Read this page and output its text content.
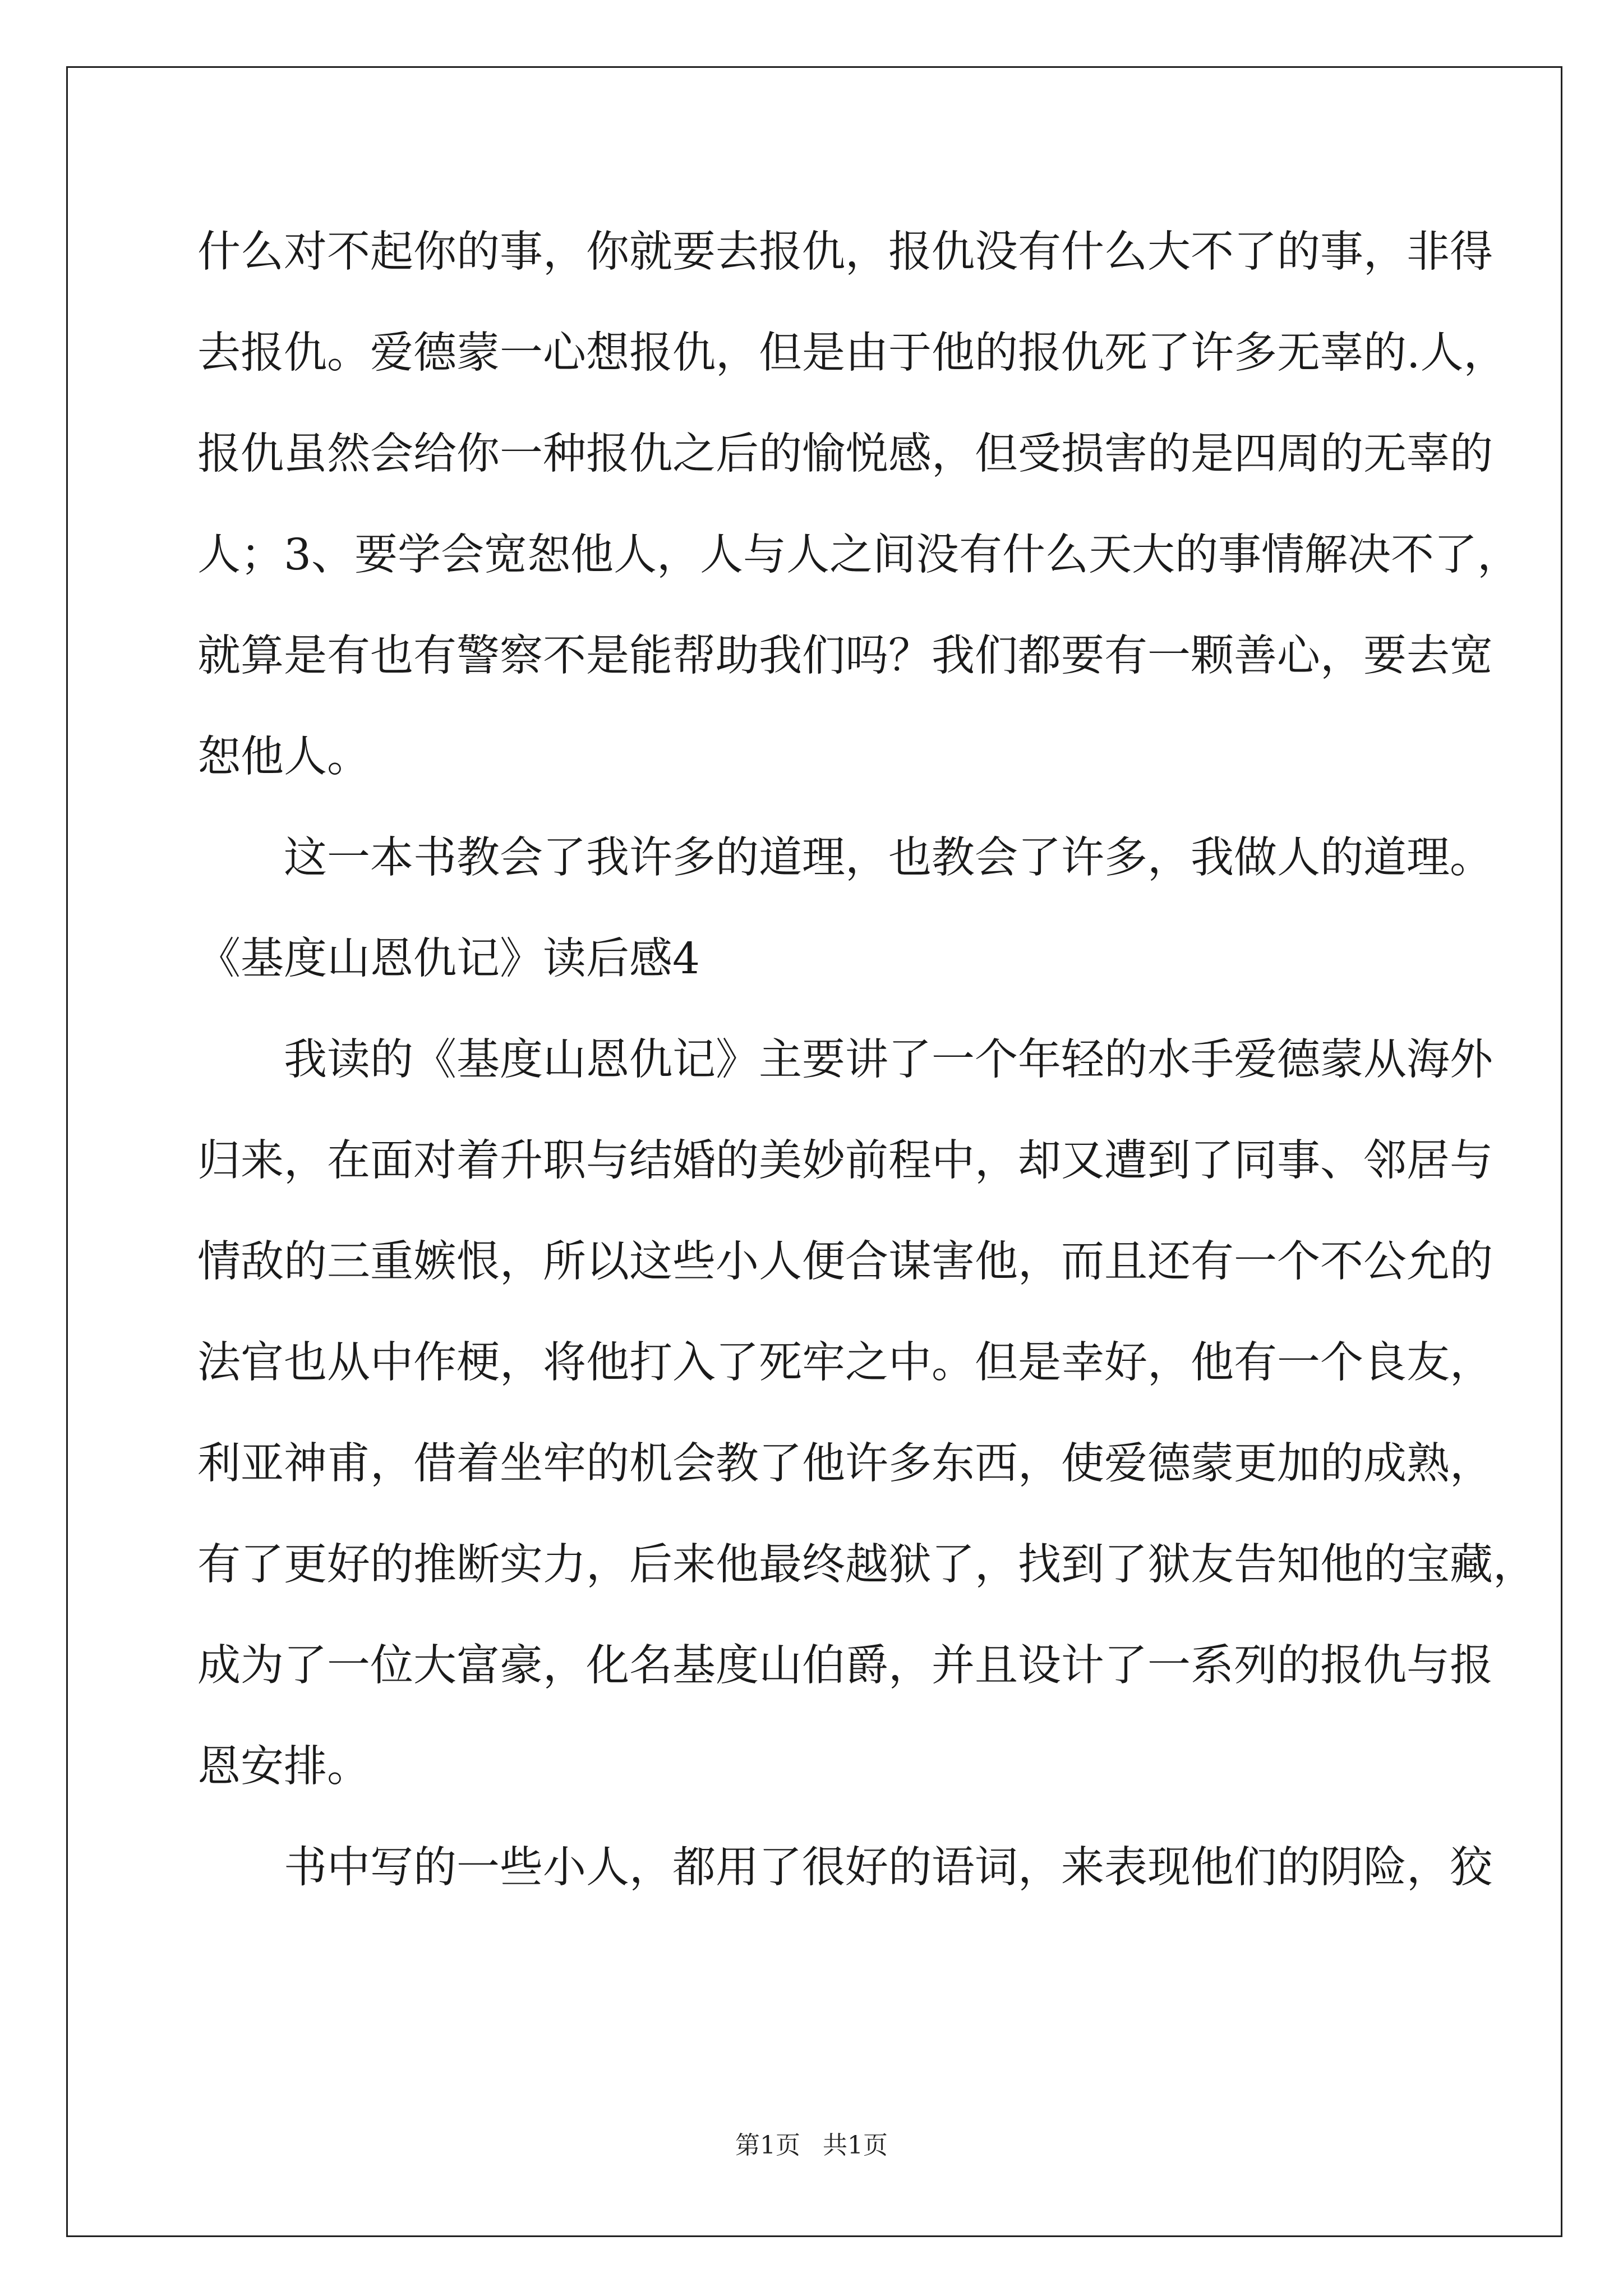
什么对不起你的事，你就要去报仇，报仇没有什么大不了的事，非得
去报仇。爱德蒙一心想报仇，但是由于他的报仇死了许多无辜的.人，
报仇虽然会给你一种报仇之后的愉悦感，但受损害的是四周的无辜的
人；3、要学会宽恕他人，人与人之间没有什么天大的事情解决不了，
就算是有也有警察不是能帮助我们吗？我们都要有一颗善心，要去宽
恕他人。
这一本书教会了我许多的道理，也教会了许多，我做人的道理。
《基度山恩仇记》读后感4
我读的《基度山恩仇记》主要讲了一个年轻的水手爱德蒙从海外
归来，在面对着升职与结婚的美妙前程中，却又遭到了同事、邻居与
情敌的三重嫉恨，所以这些小人便合谋害他，而且还有一个不公允的
法官也从中作梗，将他打入了死牢之中。但是幸好，他有一个良友，
利亚神甫，借着坐牢的机会教了他许多东西，使爱德蒙更加的成熟，
有了更好的推断实力，后来他最终越狱了，找到了狱友告知他的宝藏，
成为了一位大富豪，化名基度山伯爵，并且设计了一系列的报仇与报
恩安排。
书中写的一些小人，都用了很好的语词，来表现他们的阴险，狡
第1页 共1页
